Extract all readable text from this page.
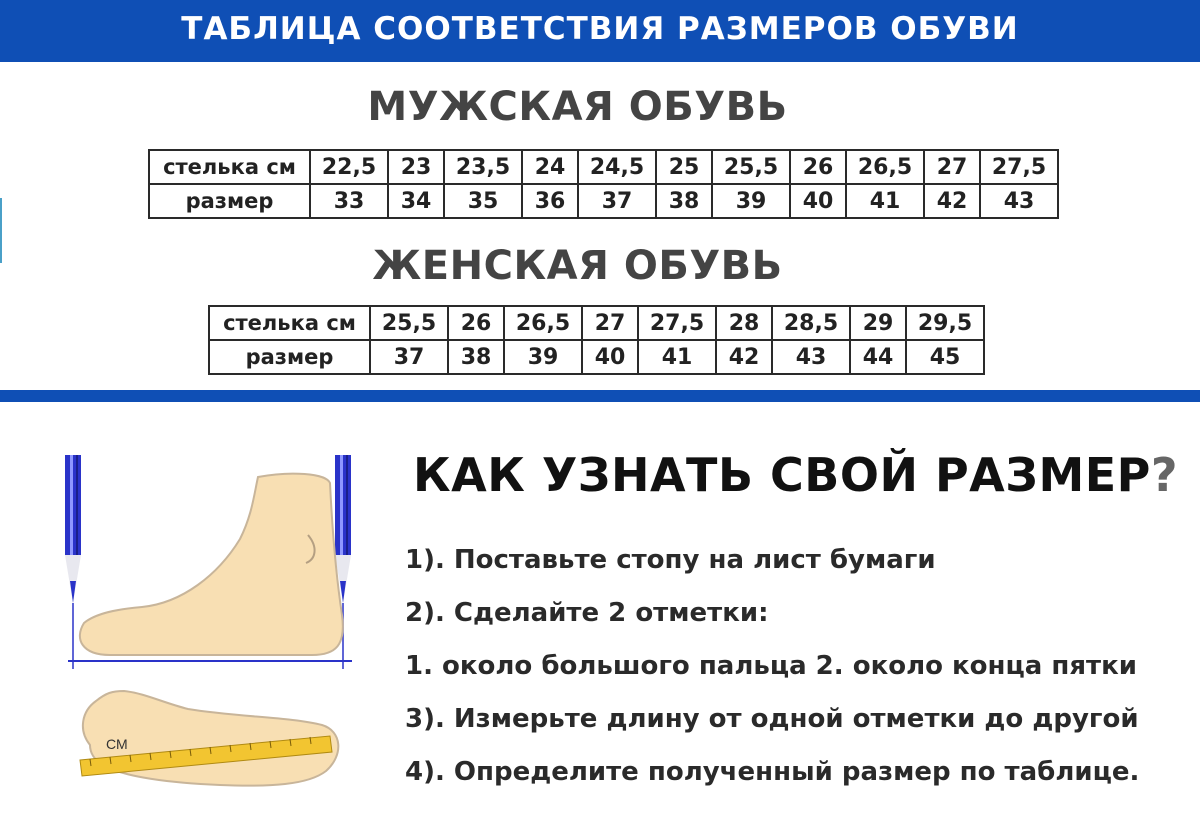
ТАБЛИЦА СООТВЕТСТВИЯ РАЗМЕРОВ ОБУВИ
МУЖСКАЯ ОБУВЬ
стелька см	22,5	23	23,5	24	24,5	25	25,5	26	26,5	27	27,5
размер	33	34	35	36	37	38	39	40	41	42	43
ЖЕНСКАЯ ОБУВЬ
стелька см	25,5	26	26,5	27	27,5	28	28,5	29	29,5
размер	37	38	39	40	41	42	43	44	45
СМ
КАК УЗНАТЬ СВОЙ РАЗМЕР?
1). Поставьте стопу на лист бумаги
2). Сделайте 2 отметки:
1. около большого пальца 2. около конца пятки
3). Измерьте длину от одной отметки до другой
4). Определите полученный размер по таблице.
